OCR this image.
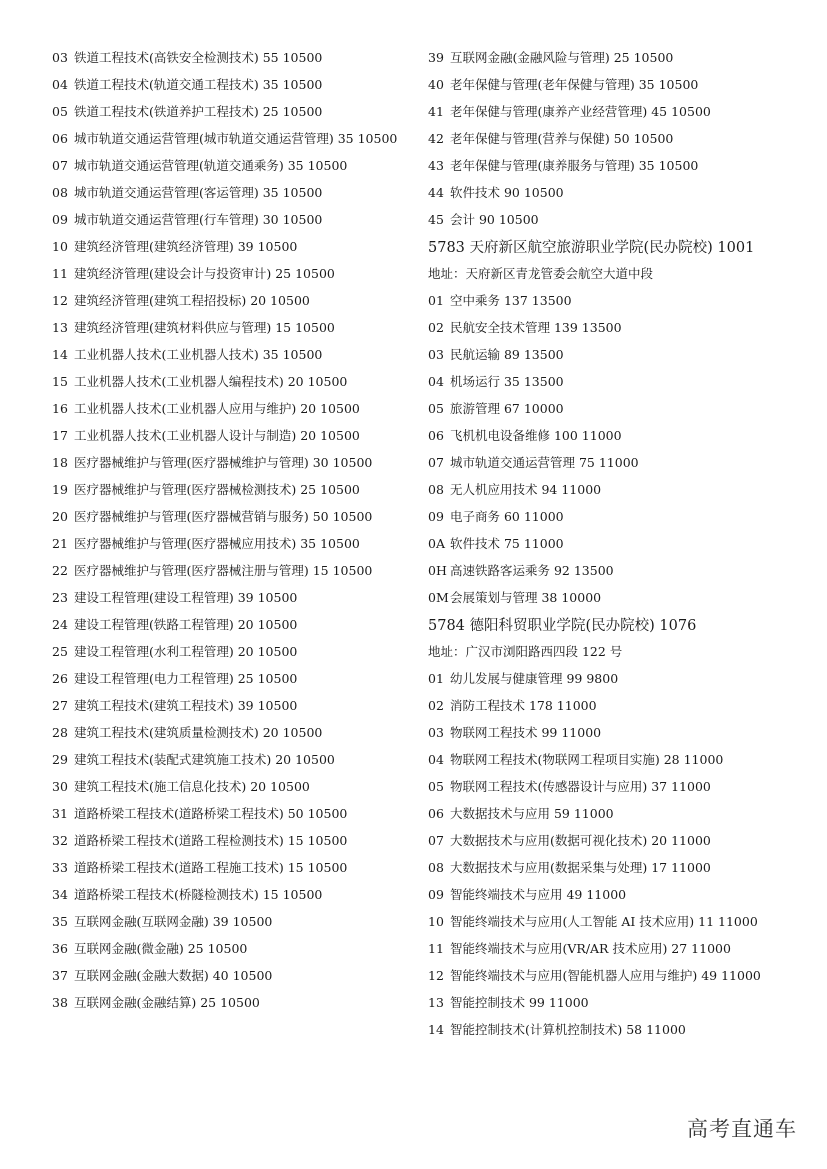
03 铁道工程技术(高铁安全检测技术) 55 10500
04 铁道工程技术(轨道交通工程技术) 35 10500
05 铁道工程技术(铁道养护工程技术) 25 10500
06 城市轨道交通运营管理(城市轨道交通运营管理) 35 10500
07 城市轨道交通运营管理(轨道交通乘务) 35 10500
08 城市轨道交通运营管理(客运管理) 35 10500
09 城市轨道交通运营管理(行车管理) 30 10500
10 建筑经济管理(建筑经济管理) 39 10500
11 建筑经济管理(建设会计与投资审计) 25 10500
12 建筑经济管理(建筑工程招投标) 20 10500
13 建筑经济管理(建筑材料供应与管理) 15 10500
14 工业机器人技术(工业机器人技术) 35 10500
15 工业机器人技术(工业机器人编程技术) 20 10500
16 工业机器人技术(工业机器人应用与维护) 20 10500
17 工业机器人技术(工业机器人设计与制造) 20 10500
18 医疗器械维护与管理(医疗器械维护与管理) 30 10500
19 医疗器械维护与管理(医疗器械检测技术) 25 10500
20 医疗器械维护与管理(医疗器械营销与服务) 50 10500
21 医疗器械维护与管理(医疗器械应用技术) 35 10500
22 医疗器械维护与管理(医疗器械注册与管理) 15 10500
23 建设工程管理(建设工程管理) 39 10500
24 建设工程管理(铁路工程管理) 20 10500
25 建设工程管理(水利工程管理) 20 10500
26 建设工程管理(电力工程管理) 25 10500
27 建筑工程技术(建筑工程技术) 39 10500
28 建筑工程技术(建筑质量检测技术) 20 10500
29 建筑工程技术(装配式建筑施工技术) 20 10500
30 建筑工程技术(施工信息化技术) 20 10500
31 道路桥梁工程技术(道路桥梁工程技术) 50 10500
32 道路桥梁工程技术(道路工程检测技术) 15 10500
33 道路桥梁工程技术(道路工程施工技术) 15 10500
34 道路桥梁工程技术(桥隧检测技术) 15 10500
35 互联网金融(互联网金融) 39 10500
36 互联网金融(微金融) 25 10500
37 互联网金融(金融大数据) 40 10500
38 互联网金融(金融结算) 25 10500
39 互联网金融(金融风险与管理) 25 10500
40 老年保健与管理(老年保健与管理) 35 10500
41 老年保健与管理(康养产业经营管理) 45 10500
42 老年保健与管理(营养与保健) 50 10500
43 老年保健与管理(康养服务与管理) 35 10500
44 软件技术 90 10500
45 会计 90 10500
5783 天府新区航空旅游职业学院(民办院校) 1001
地址：天府新区青龙管委会航空大道中段
01 空中乘务 137 13500
02 民航安全技术管理 139 13500
03 民航运输 89 13500
04 机场运行 35 13500
05 旅游管理 67 10000
06 飞机机电设备维修 100 11000
07 城市轨道交通运营管理 75 11000
08 无人机应用技术 94 11000
09 电子商务 60 11000
0A 软件技术 75 11000
0H 高速铁路客运乘务 92 13500
0M 会展策划与管理 38 10000
5784 德阳科贸职业学院(民办院校) 1076
地址：广汉市浏阳路西四段 122 号
01 幼儿发展与健康管理 99 9800
02 消防工程技术 178 11000
03 物联网工程技术 99 11000
04 物联网工程技术(物联网工程项目实施) 28 11000
05 物联网工程技术(传感器设计与应用) 37 11000
06 大数据技术与应用 59 11000
07 大数据技术与应用(数据可视化技术) 20 11000
08 大数据技术与应用(数据采集与处理) 17 11000
09 智能终端技术与应用 49 11000
10 智能终端技术与应用(人工智能 AI 技术应用) 11 11000
11 智能终端技术与应用(VR/AR 技术应用) 27 11000
12 智能终端技术与应用(智能机器人应用与维护) 49 11000
13 智能控制技术 99 11000
14 智能控制技术(计算机控制技术) 58 11000
高考直通车
